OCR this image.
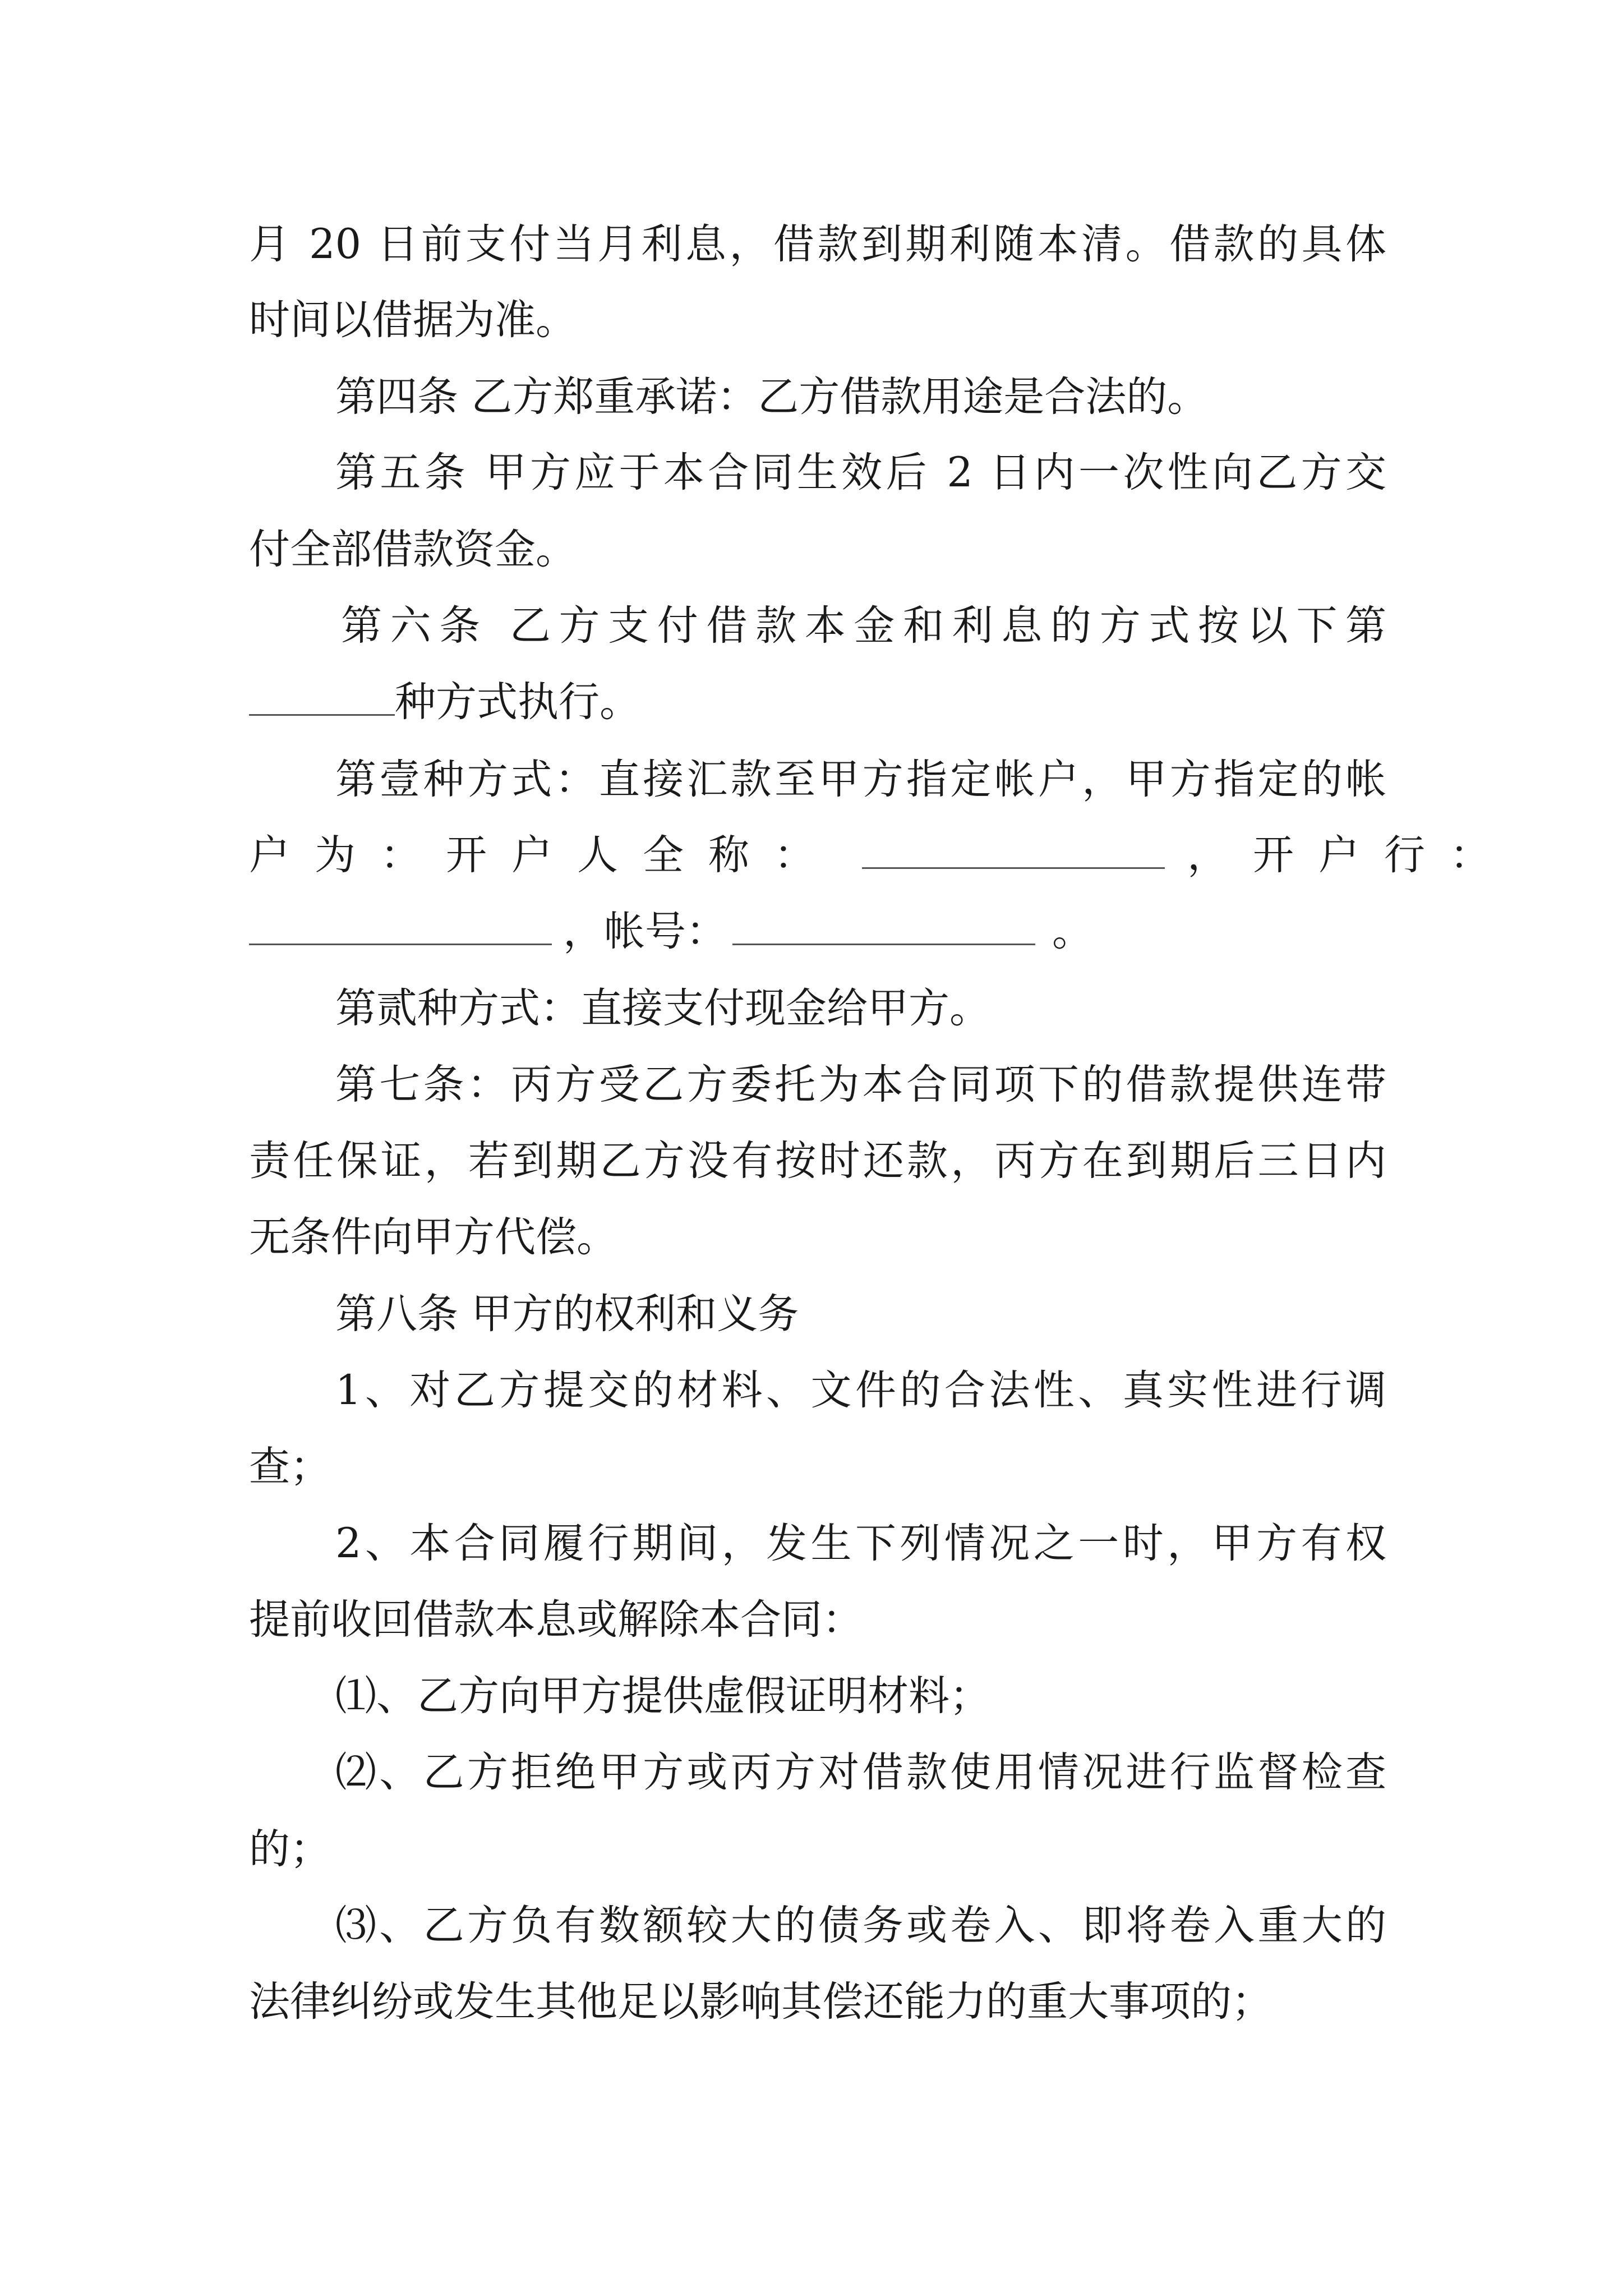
月 20 日前支付当月利息，借款到期利随本清。借款的具体
时间以借据为准。
第四条 乙方郑重承诺：乙方借款用途是合法的。
第五条 甲方应于本合同生效后 2 日内一次性向乙方交
付全部借款资金。
第六条 乙方支付借款本金和利息的方式按以下第
种方式执行。
第壹种方式：直接汇款至甲方指定帐户，甲方指定的帐
户为：开户人全称：	，开户行：
，帐号：	。
第贰种方式：直接支付现金给甲方。
第七条：丙方受乙方委托为本合同项下的借款提供连带
责任保证，若到期乙方没有按时还款，丙方在到期后三日内
无条件向甲方代偿。
第八条 甲方的权利和义务
1、对乙方提交的材料、文件的合法性、真实性进行调
查；
2、本合同履行期间，发生下列情况之一时，甲方有权
提前收回借款本息或解除本合同：
⑴、乙方向甲方提供虚假证明材料；
⑵、乙方拒绝甲方或丙方对借款使用情况进行监督检查
的；
⑶、乙方负有数额较大的债务或卷入、即将卷入重大的
法律纠纷或发生其他足以影响其偿还能力的重大事项的；
